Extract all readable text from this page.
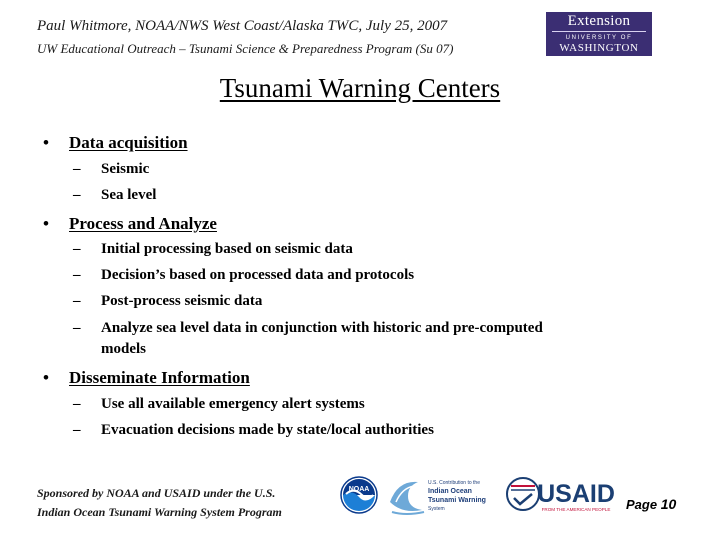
Paul Whitmore, NOAA/NWS West Coast/Alaska TWC, July 25, 2007
UW Educational Outreach – Tsunami Science & Preparedness Program (Su 07)
Extension
UNIVERSITY OF
WASHINGTON
Tsunami Warning Centers
• Data acquisition
– Seismic
– Sea level
• Process and Analyze
– Initial processing based on seismic data
– Decision’s based on processed data and protocols
– Post-process seismic data
– Analyze sea level data in conjunction with historic and pre-computed
models
• Disseminate Information
– Use all available emergency alert systems
– Evacuation decisions made by state/local authorities
Sponsored by NOAA and USAID under the U.S.
Indian Ocean Tsunami Warning System Program
NOAA
U.S. Contribution to the
Indian Ocean
Tsunami Warning
System
USAID
FROM THE AMERICAN PEOPLE Page 10
